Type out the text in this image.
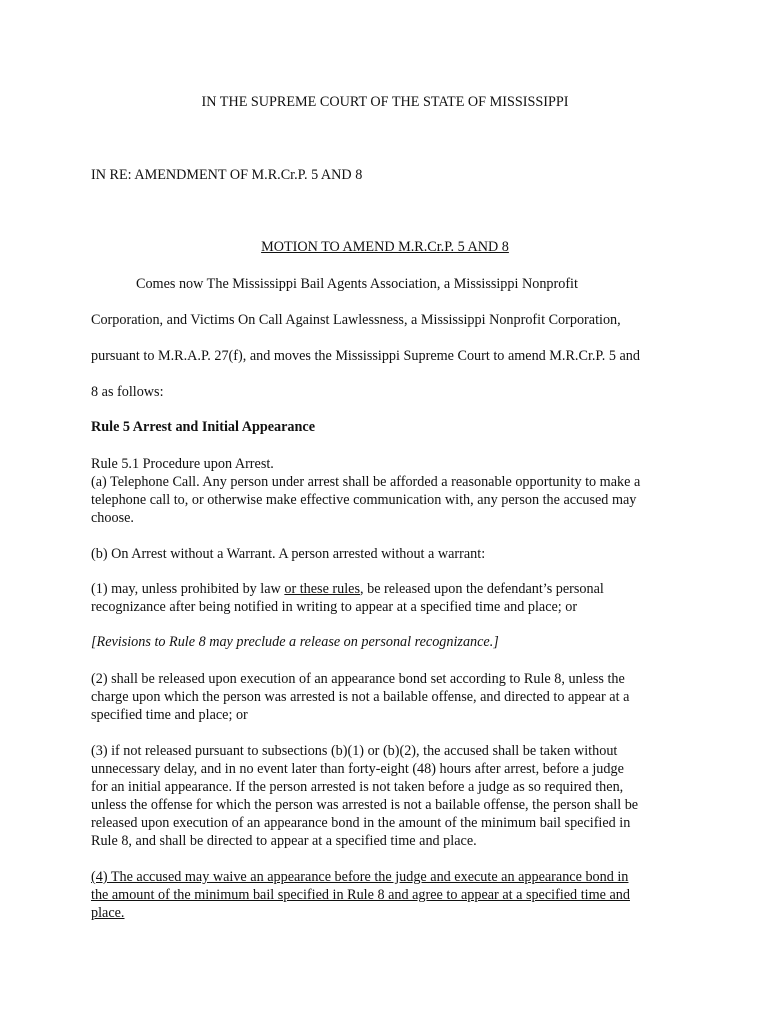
IN THE SUPREME COURT OF THE STATE OF MISSISSIPPI

IN RE: AMENDMENT OF M.R.Cr.P. 5 AND 8

MOTION TO AMEND M.R.Cr.P. 5 AND 8

Comes now The Mississippi Bail Agents Association, a Mississippi Nonprofit

Corporation, and Victims On Call Against Lawlessness, a Mississippi Nonprofit Corporation,

pursuant to M.R.A.P. 27(f), and moves the Mississippi Supreme Court to amend M.R.Cr.P. 5 and

8 as follows:

Rule 5 Arrest and Initial Appearance

Rule 5.1 Procedure upon Arrest.
(a) Telephone Call. Any person under arrest shall be afforded a reasonable opportunity to make a
telephone call to, or otherwise make effective communication with, any person the accused may
choose.
(b) On Arrest without a Warrant. A person arrested without a warrant:
(1) may, unless prohibited by law or these rules, be released upon the defendant’s personal
recognizance after being notified in writing to appear at a specified time and place; or
[Revisions to Rule 8 may preclude a release on personal recognizance.]
(2) shall be released upon execution of an appearance bond set according to Rule 8, unless the
charge upon which the person was arrested is not a bailable offense, and directed to appear at a
specified time and place; or
(3) if not released pursuant to subsections (b)(1) or (b)(2), the accused shall be taken without
unnecessary delay, and in no event later than forty-eight (48) hours after arrest, before a judge
for an initial appearance. If the person arrested is not taken before a judge as so required then,
unless the offense for which the person was arrested is not a bailable offense, the person shall be
released upon execution of an appearance bond in the amount of the minimum bail specified in
Rule 8, and shall be directed to appear at a specified time and place.
(4) The accused may waive an appearance before the judge and execute an appearance bond in
the amount of the minimum bail specified in Rule 8 and agree to appear at a specified time and
place.
